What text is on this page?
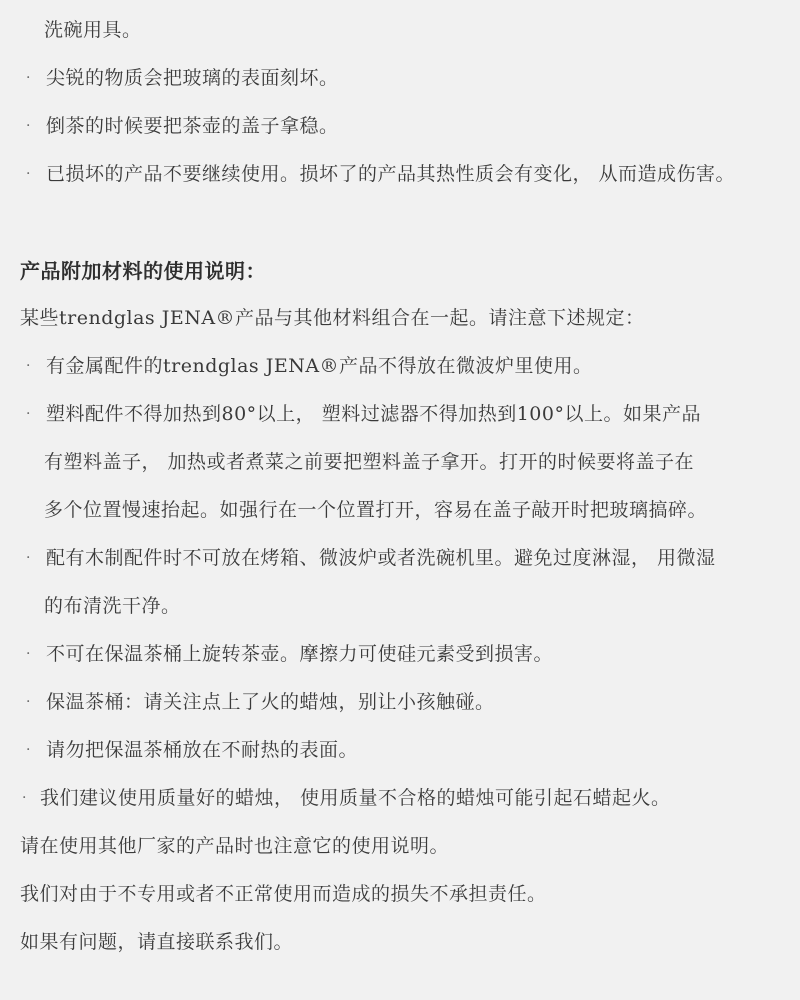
洗碗用具。
· 尖锐的物质会把玻璃的表面刻坏。
· 倒茶的时候要把茶壶的盖子拿稳。
· 已损坏的产品不要继续使用。损坏了的产品其热性质会有变化， 从而造成伤害。
产品附加材料的使用说明：
某些trendglas JENA®产品与其他材料组合在一起。请注意下述规定：
· 有金属配件的trendglas JENA®产品不得放在微波炉里使用。
· 塑料配件不得加热到80°以上， 塑料过滤器不得加热到100°以上。如果产品
有塑料盖子， 加热或者煮菜之前要把塑料盖子拿开。打开的时候要将盖子在
多个位置慢速抬起。如强行在一个位置打开，容易在盖子敲开时把玻璃搞碎。
· 配有木制配件时不可放在烤箱、微波炉或者洗碗机里。避免过度淋湿， 用微湿
的布清洗干净。
· 不可在保温茶桶上旋转茶壶。摩擦力可使硅元素受到损害。
· 保温茶桶：请关注点上了火的蜡烛，别让小孩触碰。
· 请勿把保温茶桶放在不耐热的表面。
· 我们建议使用质量好的蜡烛， 使用质量不合格的蜡烛可能引起石蜡起火。
请在使用其他厂家的产品时也注意它的使用说明。
我们对由于不专用或者不正常使用而造成的损失不承担责任。
如果有问题，请直接联系我们。
